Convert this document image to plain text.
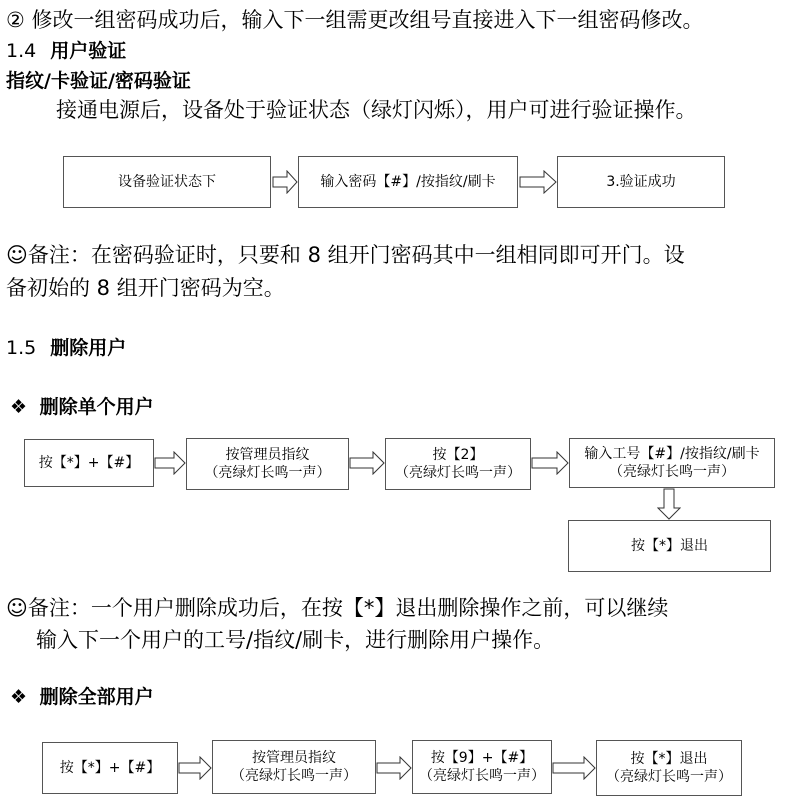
② 修改一组密码成功后，输入下一组需更改组号直接进入下一组密码修改。
1.4 用户验证
指纹/卡验证/密码验证
接通电源后，设备处于验证状态（绿灯闪烁），用户可进行验证操作。
设备验证状态下	输入密码【#】/按指纹/刷卡	3.验证成功
☺备注：在密码验证时，只要和 8 组开门密码其中一组相同即可开门。设
备初始的 8 组开门密码为空。
1.5 删除用户
❖ 删除单个用户
按【*】+【#】
按管理员指纹
（亮绿灯长鸣一声）
按【2】
（亮绿灯长鸣一声）
输入工号【#】/按指纹/刷卡
（亮绿灯长鸣一声）
按【*】退出
☺备注：一个用户删除成功后，在按【*】退出删除操作之前，可以继续
输入下一个用户的工号/指纹/刷卡，进行删除用户操作。
❖ 删除全部用户
按【*】+【#】
按管理员指纹
（亮绿灯长鸣一声）
按【9】+【#】
（亮绿灯长鸣一声）
按【*】退出
（亮绿灯长鸣一声）
